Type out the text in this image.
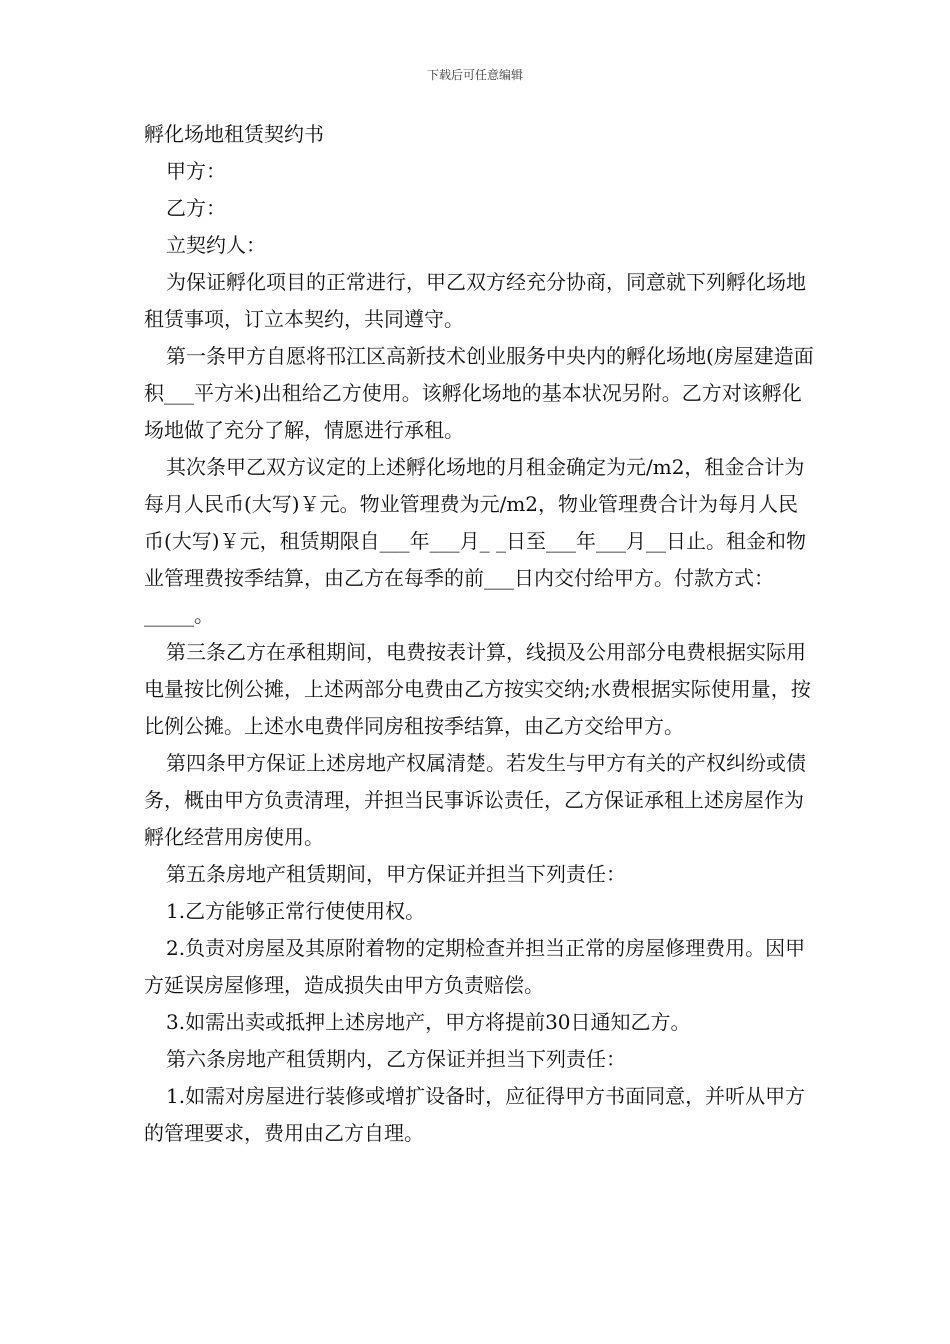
下载后可任意编辑
孵化场地租赁契约书

甲方：

乙方：

立契约人：

为保证孵化项目的正常进行，甲乙双方经充分协商，同意就下列孵化场地租赁事项，订立本契约，共同遵守。

第一条甲方自愿将邗江区高新技术创业服务中央内的孵化场地(房屋建造面积___平方米)出租给乙方使用。该孵化场地的基本状况另附。乙方对该孵化场地做了充分了解，情愿进行承租。

其次条甲乙双方议定的上述孵化场地的月租金确定为元/m2，租金合计为每月人民币(大写)￥元。物业管理费为元/m2，物业管理费合计为每月人民币(大写)￥元，租赁期限自___年___月_ _日至___年___月__日止。租金和物业管理费按季结算，由乙方在每季的前___日内交付给甲方。付款方式：_____。

第三条乙方在承租期间，电费按表计算，线损及公用部分电费根据实际用电量按比例公摊，上述两部分电费由乙方按实交纳;水费根据实际使用量，按比例公摊。上述水电费伴同房租按季结算，由乙方交给甲方。

第四条甲方保证上述房地产权属清楚。若发生与甲方有关的产权纠纷或债务，概由甲方负责清理，并担当民事诉讼责任，乙方保证承租上述房屋作为孵化经营用房使用。

第五条房地产租赁期间，甲方保证并担当下列责任：

1.乙方能够正常行使使用权。

2.负责对房屋及其原附着物的定期检查并担当正常的房屋修理费用。因甲方延误房屋修理，造成损失由甲方负责赔偿。

3.如需出卖或抵押上述房地产，甲方将提前30日通知乙方。

第六条房地产租赁期内，乙方保证并担当下列责任：

1.如需对房屋进行装修或增扩设备时，应征得甲方书面同意，并听从甲方的管理要求，费用由乙方自理。
